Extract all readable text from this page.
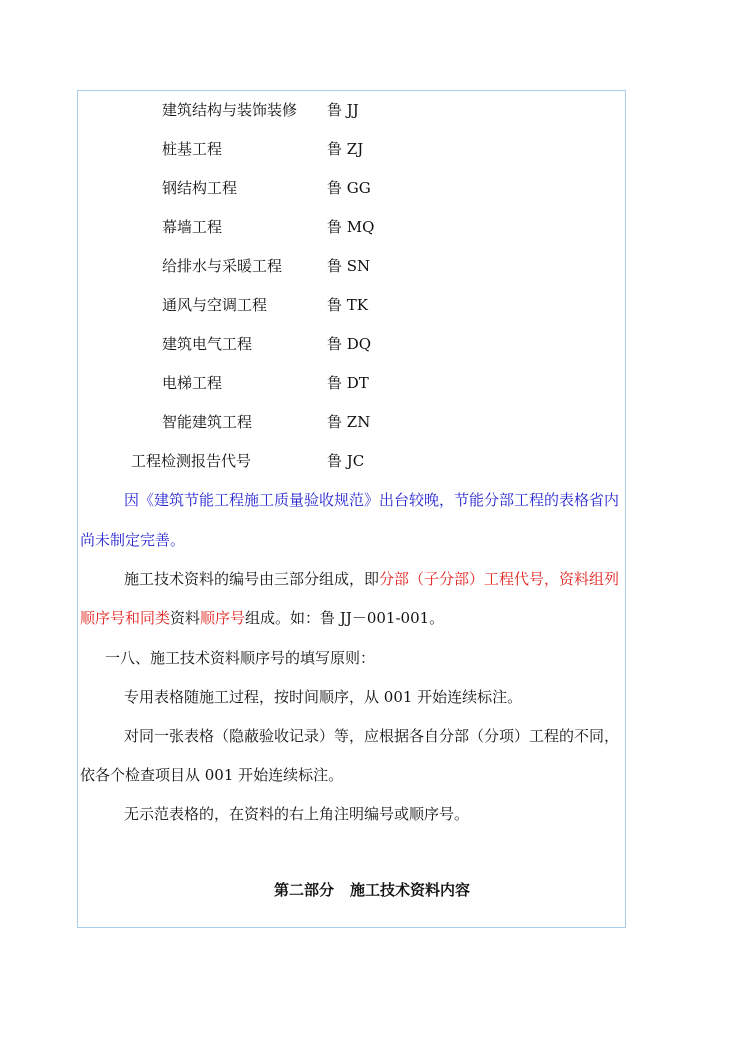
建筑结构与装饰装修 鲁 JJ
桩基工程	鲁 ZJ
钢结构工程	鲁 GG
幕墙工程	鲁 MQ
给排水与采暖工程	鲁 SN
通风与空调工程	鲁 TK
建筑电气工程	鲁 DQ
电梯工程	鲁 DT
智能建筑工程	鲁 ZN
工程检测报告代号	鲁 JC
因《建筑节能工程施工质量验收规范》出台较晚，节能分部工程的表格省内
尚未制定完善。
施工技术资料的编号由三部分组成，即分部（子分部）工程代号，资料组列
顺序号和同类资料顺序号组成。如：鲁 JJ－001-001。
一八、施工技术资料顺序号的填写原则：
专用表格随施工过程，按时间顺序，从 001 开始连续标注。
对同一张表格（隐蔽验收记录）等，应根据各自分部（分项）工程的不同，
依各个检查项目从 001 开始连续标注。
无示范表格的，在资料的右上角注明编号或顺序号。
第二部分 施工技术资料内容
